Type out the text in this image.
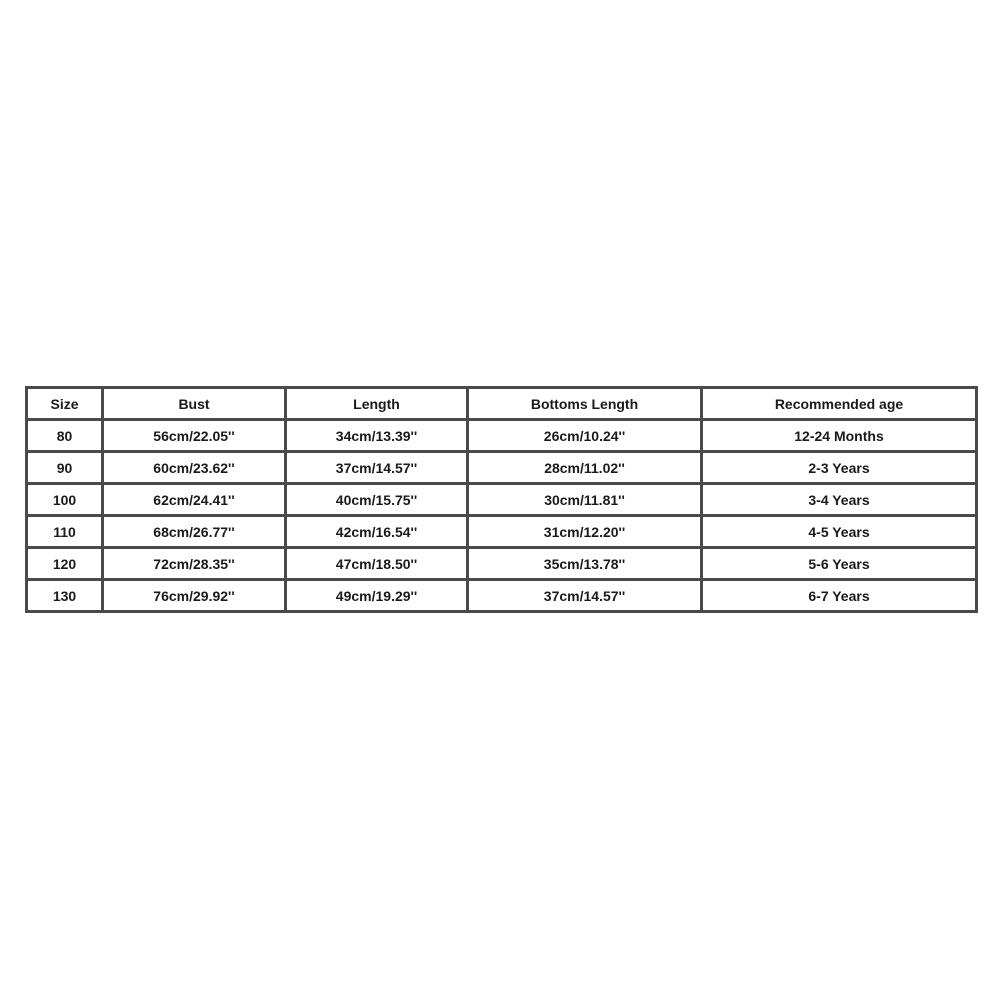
Size	Bust	Length	Bottoms Length	Recommended age
80	56cm/22.05''	34cm/13.39''	26cm/10.24''	12-24 Months
90	60cm/23.62''	37cm/14.57''	28cm/11.02''	2-3 Years
100	62cm/24.41''	40cm/15.75''	30cm/11.81''	3-4 Years
110	68cm/26.77''	42cm/16.54''	31cm/12.20''	4-5 Years
120	72cm/28.35''	47cm/18.50''	35cm/13.78''	5-6 Years
130	76cm/29.92''	49cm/19.29''	37cm/14.57''	6-7 Years
